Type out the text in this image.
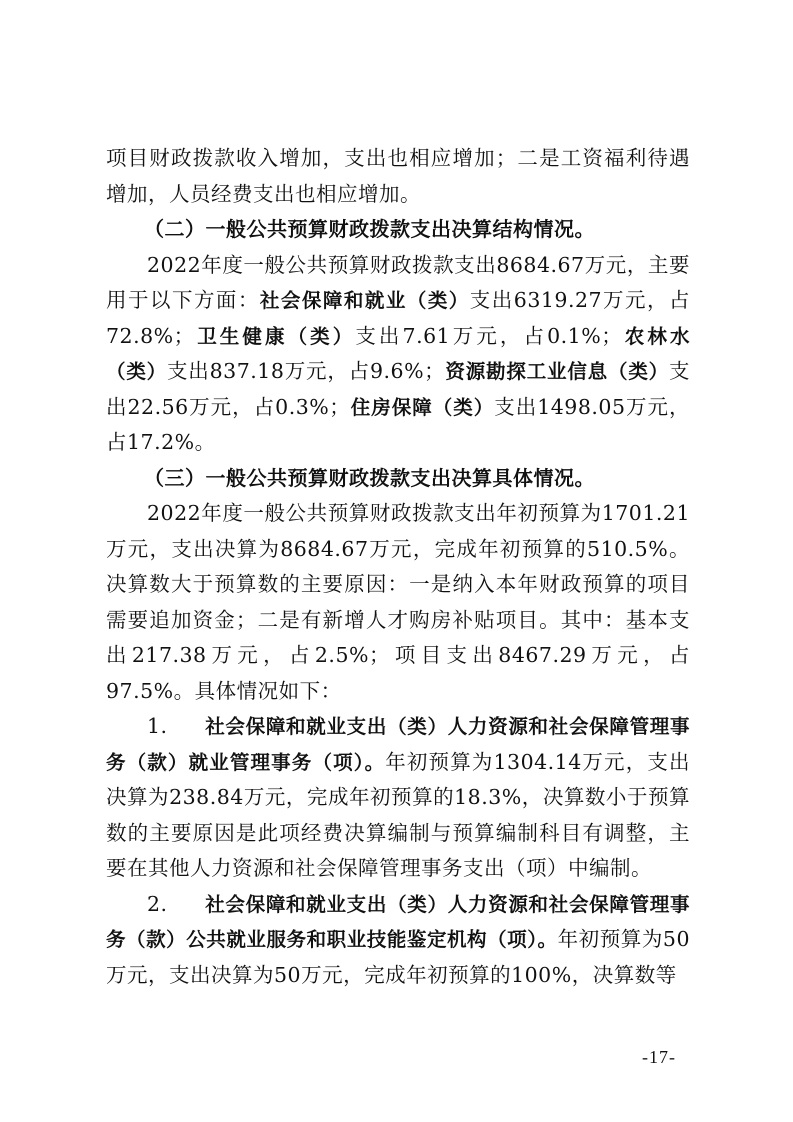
项目财政拨款收入增加，支出也相应增加；二是工资福利待遇增加，人员经费支出也相应增加。

（二）一般公共预算财政拨款支出决算结构情况。

2022年度一般公共预算财政拨款支出8684.67万元，主要用于以下方面：社会保障和就业（类）支出6319.27万元，占72.8%；卫生健康（类）支出7.61万元，占0.1%；农林水（类）支出837.18万元，占9.6%；资源勘探工业信息（类）支出22.56万元，占0.3%；住房保障（类）支出1498.05万元，占17.2%。

（三）一般公共预算财政拨款支出决算具体情况。

2022年度一般公共预算财政拨款支出年初预算为1701.21万元，支出决算为8684.67万元，完成年初预算的510.5%。决算数大于预算数的主要原因：一是纳入本年财政预算的项目需要追加资金；二是有新增人才购房补贴项目。其中：基本支出217.38万元，占2.5%；项目支出8467.29万元，占97.5%。具体情况如下：

1. 社会保障和就业支出（类）人力资源和社会保障管理事务（款）就业管理事务（项）。年初预算为1304.14万元，支出决算为238.84万元，完成年初预算的18.3%，决算数小于预算数的主要原因是此项经费决算编制与预算编制科目有调整，主要在其他人力资源和社会保障管理事务支出（项）中编制。

2. 社会保障和就业支出（类）人力资源和社会保障管理事务（款）公共就业服务和职业技能鉴定机构（项）。年初预算为50万元，支出决算为50万元，完成年初预算的100%，决算数等

-17-
